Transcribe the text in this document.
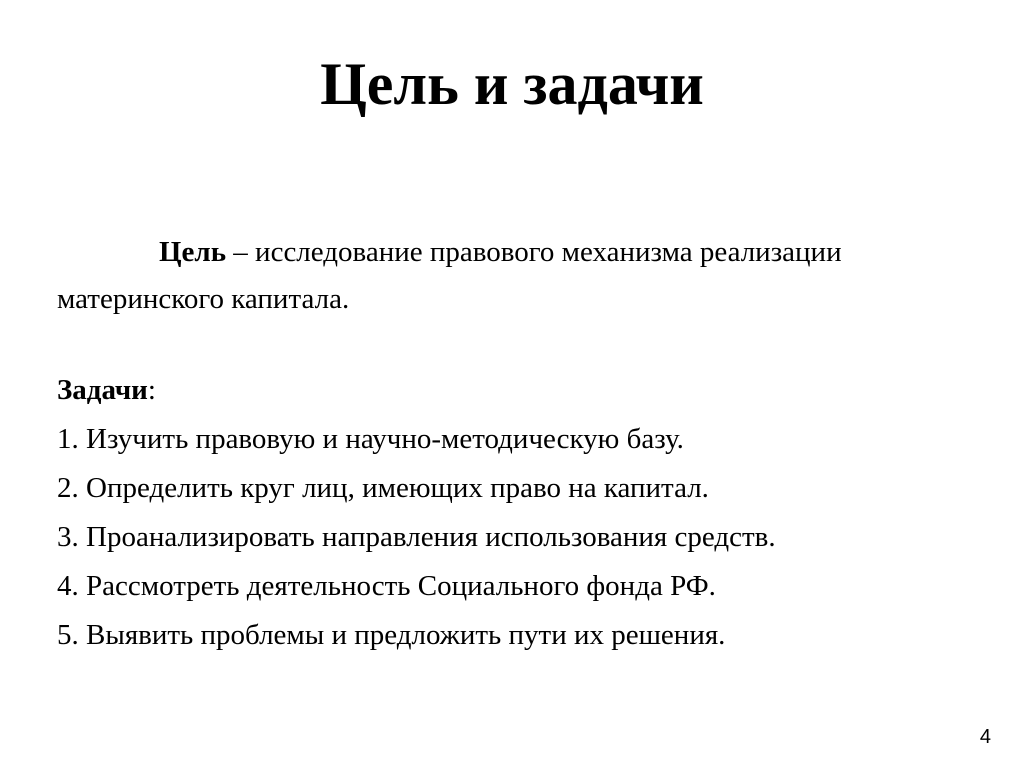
Цель и задачи

Цель – исследование правового механизма реализации материнского капитала.

Задачи:

1. Изучить правовую и научно-методическую базу.
2. Определить круг лиц, имеющих право на капитал.
3. Проанализировать направления использования средств.
4. Рассмотреть деятельность Социального фонда РФ.
5. Выявить проблемы и предложить пути их решения.
4
